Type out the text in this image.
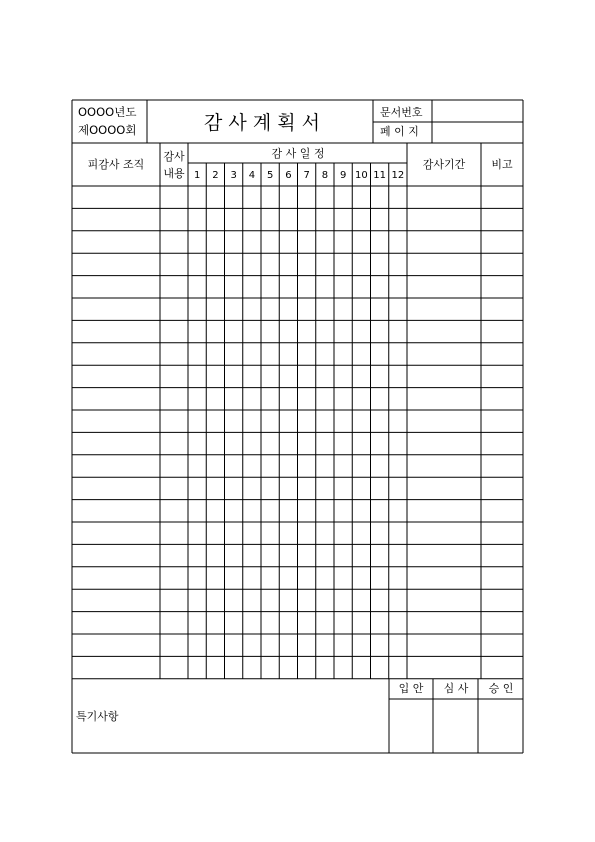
OOOO년도
제OOOO회	감 사 계 획 서	문서번호
페 이 지
피감사 조직
감사
내용
감 사 일 정
1 2 3 4 5 6 7 8 9 10 11 12
감사기간 비고
특기사항
입 안 심 사 승 인
